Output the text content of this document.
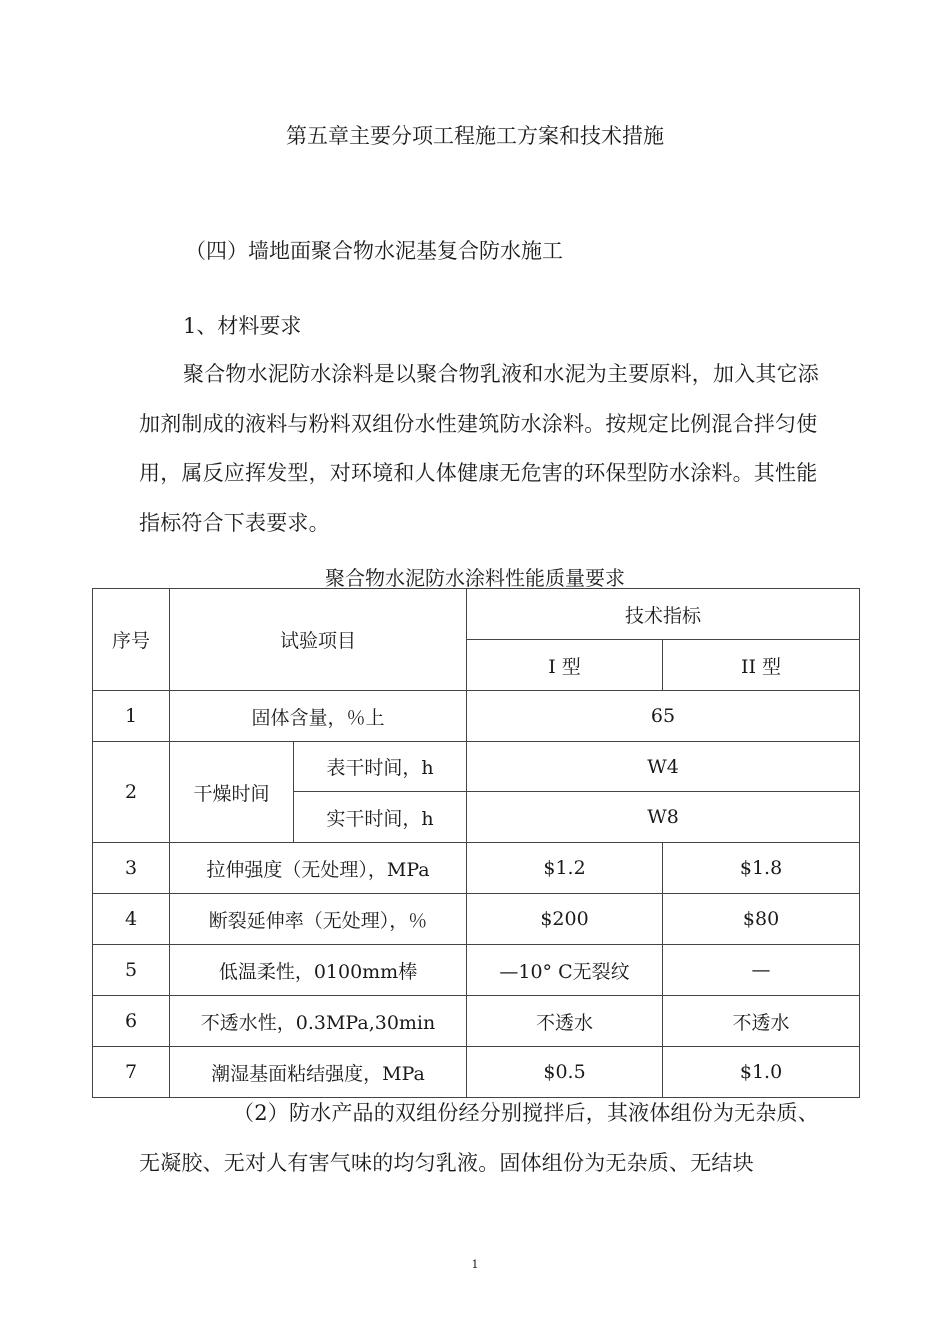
第五章主要分项工程施工方案和技术措施
（四）墙地面聚合物水泥基复合防水施工
1、材料要求
聚合物水泥防水涂料是以聚合物乳液和水泥为主要原料，加入其它添
加剂制成的液料与粉料双组份水性建筑防水涂料。按规定比例混合拌匀使
用，属反应挥发型，对环境和人体健康无危害的环保型防水涂料。其性能
指标符合下表要求。
聚合物水泥防水涂料性能质量要求
序号	试验项目		技术指标	
			I 型	II 型
1	固体含量，％上		65	
2	干燥时间	表干时间，h	W4	
		实干时间，h	W8	
3	拉伸强度（无处理），MPa		$1.2	$1.8
4	断裂延伸率（无处理），％		$200	$80
5	低温柔性，0100mm棒		—10° C无裂纹	—
6	不透水性，0.3MPa,30min		不透水	不透水
7	潮湿基面粘结强度，MPa		$0.5	$1.0
（2）防水产品的双组份经分别搅拌后，其液体组份为无杂质、
无凝胶、无对人有害气味的均匀乳液。固体组份为无杂质、无结块
1
